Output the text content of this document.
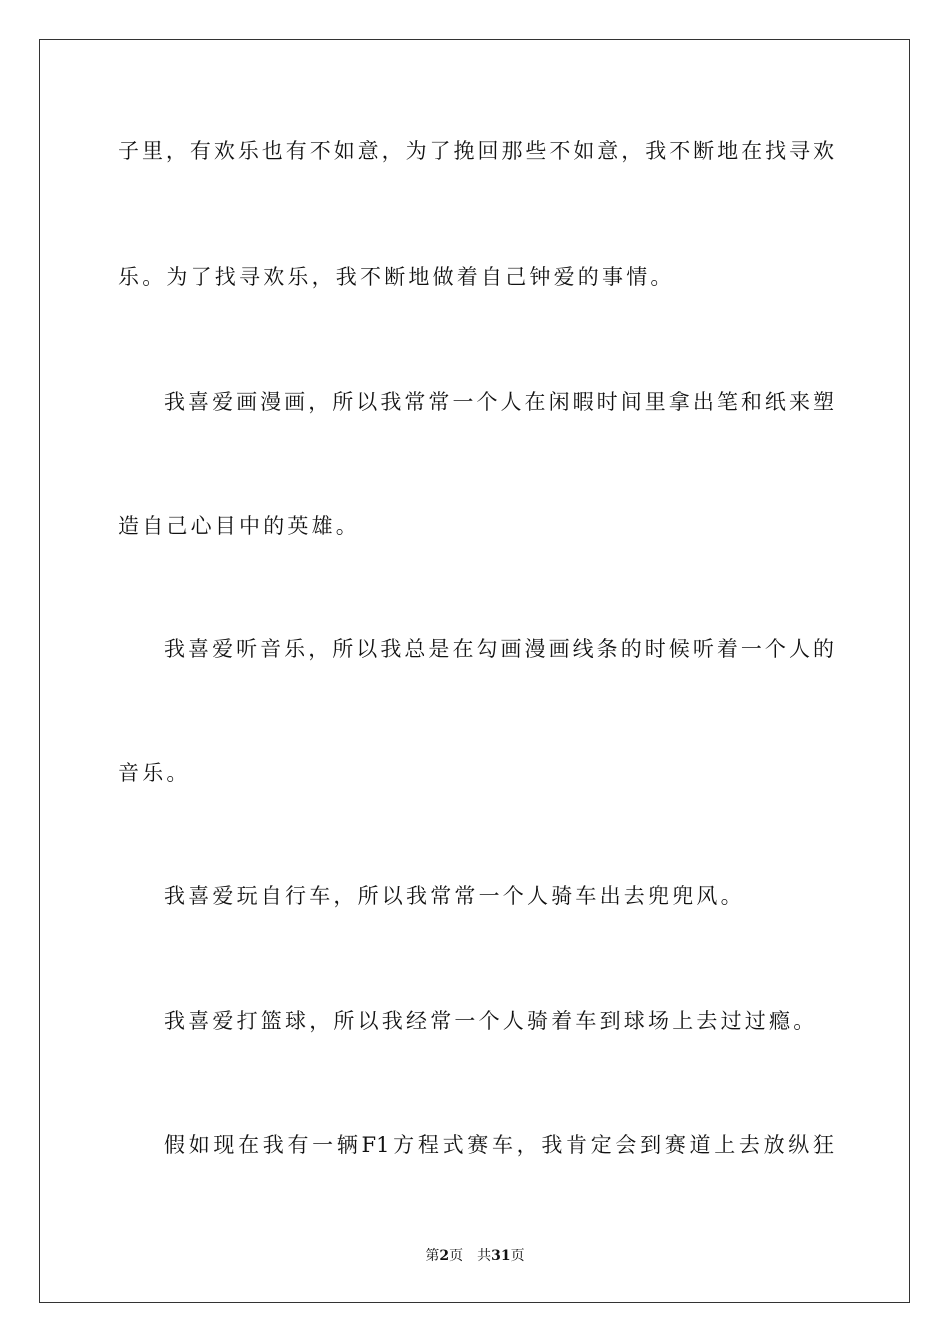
子里，有欢乐也有不如意，为了挽回那些不如意，我不断地在找寻欢
乐。为了找寻欢乐，我不断地做着自己钟爱的事情。
我喜爱画漫画，所以我常常一个人在闲暇时间里拿出笔和纸来塑
造自己心目中的英雄。
我喜爱听音乐，所以我总是在勾画漫画线条的时候听着一个人的
音乐。
我喜爱玩自行车，所以我常常一个人骑车出去兜兜风。
我喜爱打篮球，所以我经常一个人骑着车到球场上去过过瘾。
假如现在我有一辆F1方程式赛车，我肯定会到赛道上去放纵狂
第2页 共31页
